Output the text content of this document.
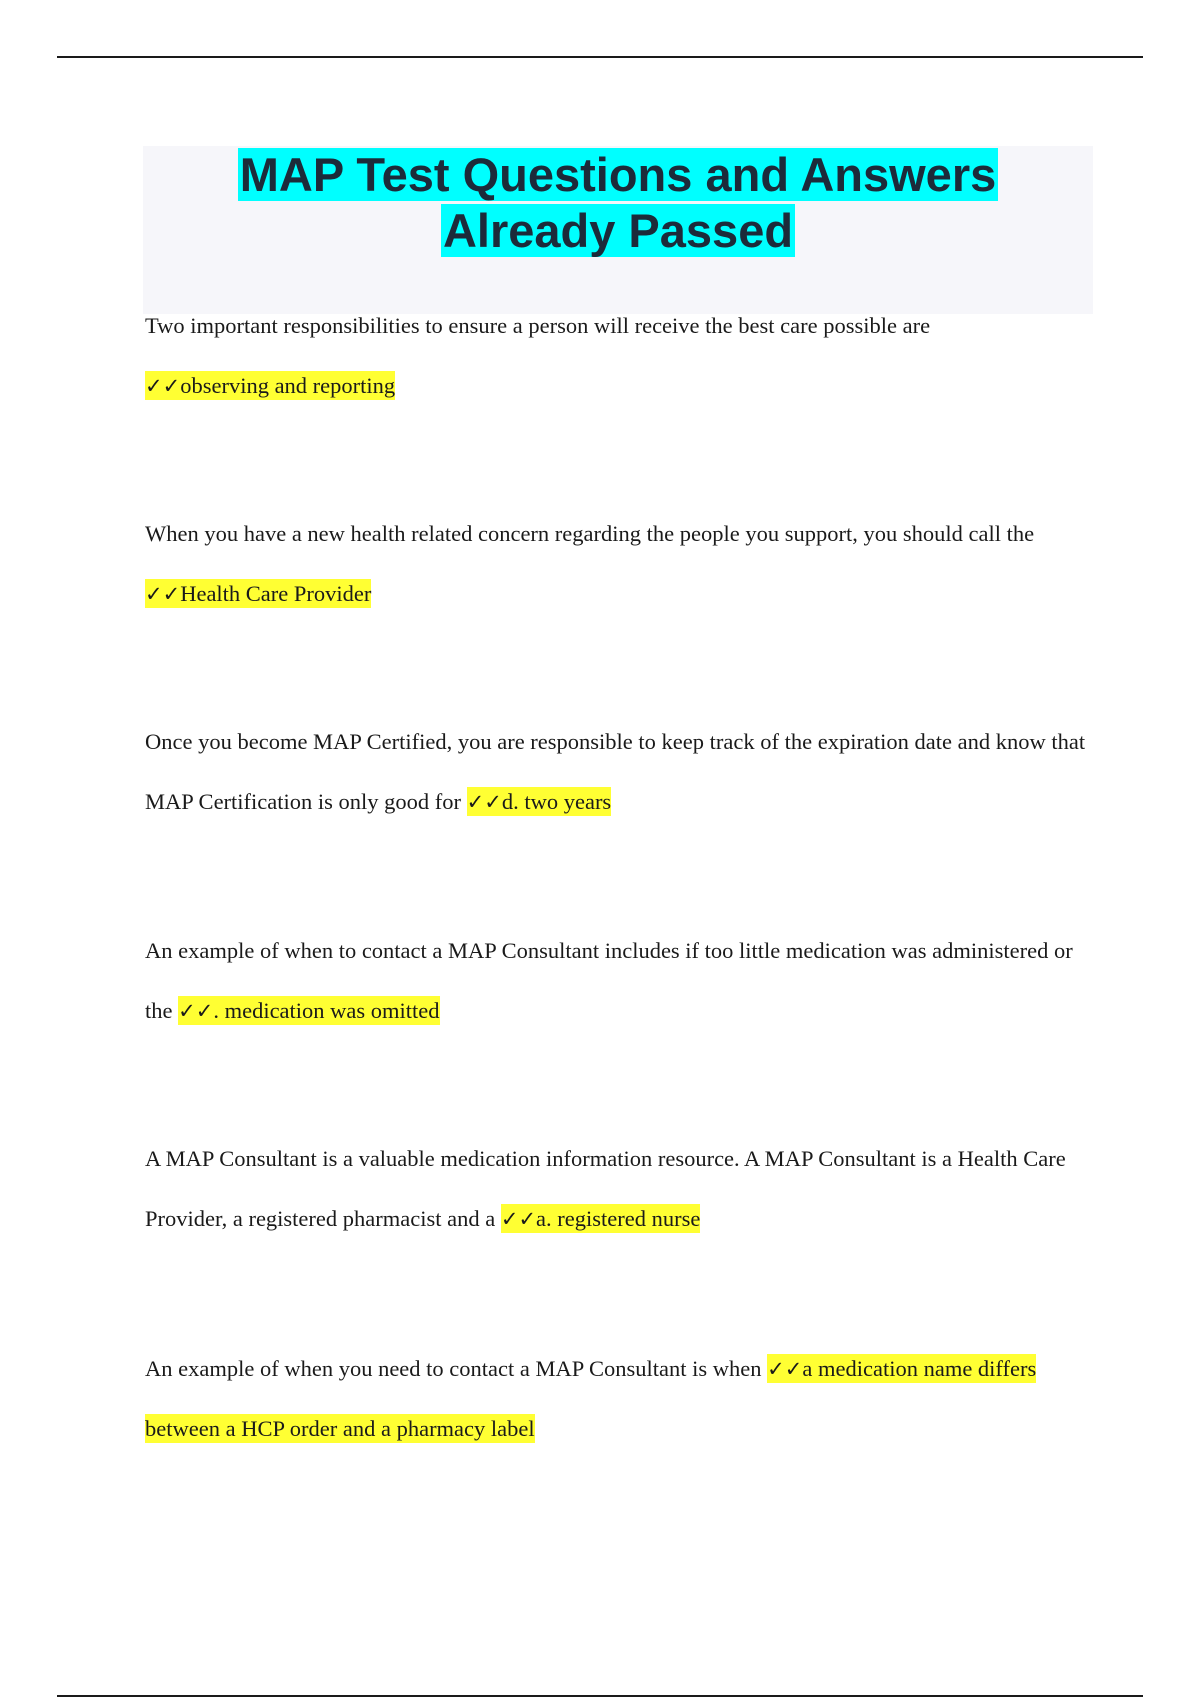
MAP Test Questions and Answers
Already Passed

Two important responsibilities to ensure a person will receive the best care possible are
✓✓observing and reporting

When you have a new health related concern regarding the people you support, you should call the ✓✓Health Care Provider

Once you become MAP Certified, you are responsible to keep track of the expiration date and know that MAP Certification is only good for ✓✓d. two years

An example of when to contact a MAP Consultant includes if too little medication was administered or the ✓✓. medication was omitted

A MAP Consultant is a valuable medication information resource. A MAP Consultant is a Health Care Provider, a registered pharmacist and a ✓✓a. registered nurse

An example of when you need to contact a MAP Consultant is when ✓✓a medication name differs between a HCP order and a pharmacy label
